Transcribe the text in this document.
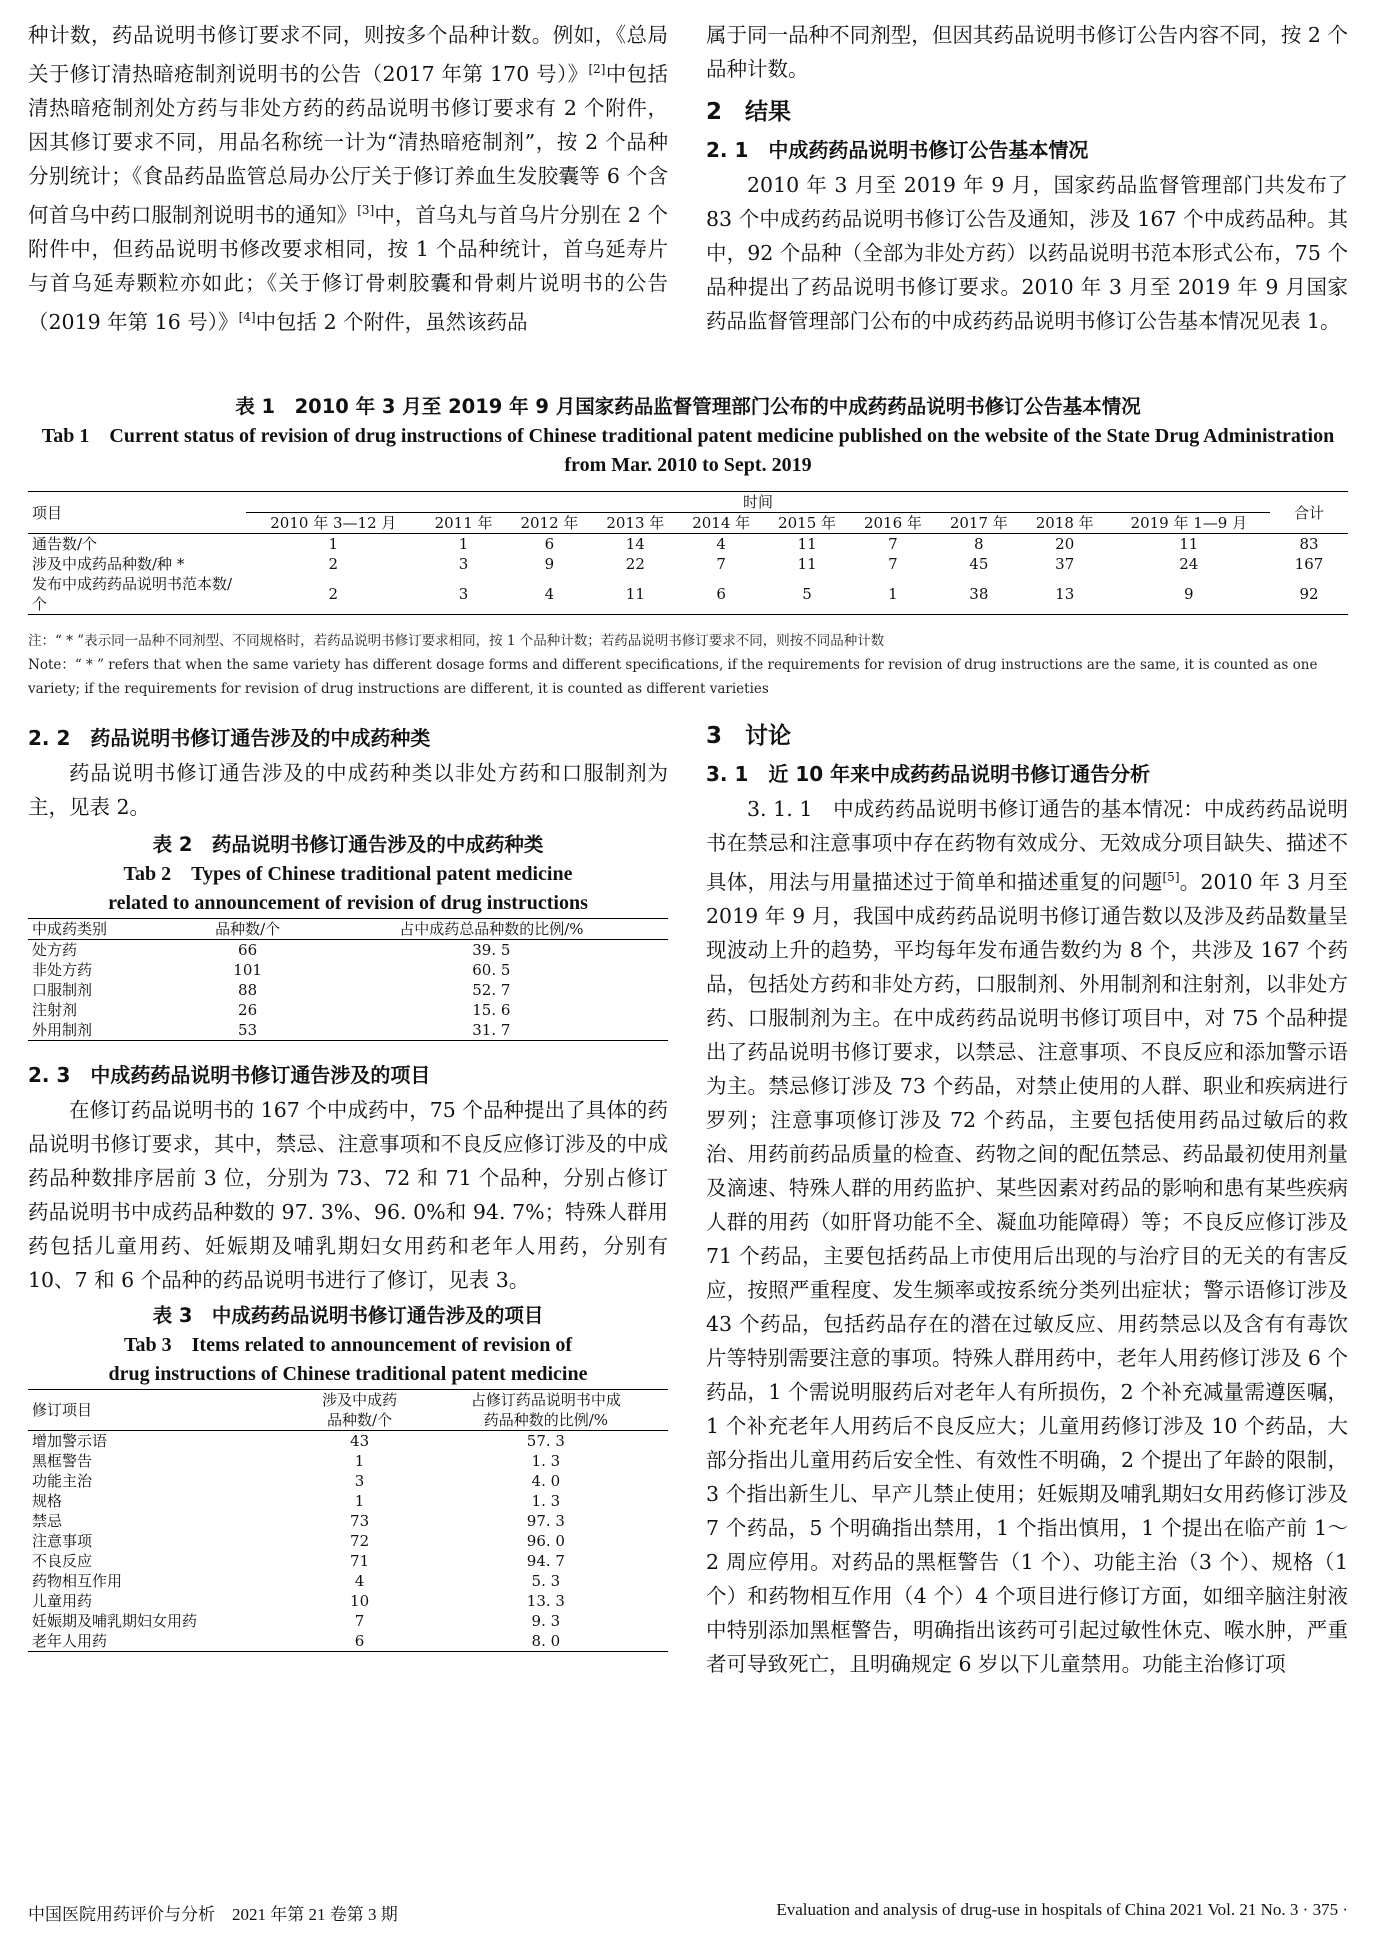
种计数，药品说明书修订要求不同，则按多个品种计数。例如，《总局关于修订清热暗疮制剂说明书的公告（2017 年第 170 号）》[2]中包括清热暗疮制剂处方药与非处方药的药品说明书修订要求有 2 个附件，因其修订要求不同，用品名称统一计为“清热暗疮制剂”，按 2 个品种分别统计；《食品药品监管总局办公厅关于修订养血生发胶囊等 6 个含何首乌中药口服制剂说明书的通知》[3]中，首乌丸与首乌片分别在 2 个附件中，但药品说明书修改要求相同，按 1 个品种统计，首乌延寿片与首乌延寿颗粒亦如此；《关于修订骨刺胶囊和骨刺片说明书的公告（2019 年第 16 号）》[4]中包括 2 个附件，虽然该药品

属于同一品种不同剂型，但因其药品说明书修订公告内容不同，按 2 个品种计数。

2　结果
2. 1　中成药药品说明书修订公告基本情况

2010 年 3 月至 2019 年 9 月，国家药品监督管理部门共发布了 83 个中成药药品说明书修订公告及通知，涉及 167 个中成药品种。其中，92 个品种（全部为非处方药）以药品说明书范本形式公布，75 个品种提出了药品说明书修订要求。2010 年 3 月至 2019 年 9 月国家药品监督管理部门公布的中成药药品说明书修订公告基本情况见表 1。

表 1　2010 年 3 月至 2019 年 9 月国家药品监督管理部门公布的中成药药品说明书修订公告基本情况

Tab 1　Current status of revision of drug instructions of Chinese traditional patent medicine published on the website of the State Drug Administration from Mar. 2010 to Sept. 2019

项目	时间										合计
	2010 年 3—12 月	2011 年	2012 年	2013 年	2014 年	2015 年	2016 年	2017 年	2018 年	2019 年 1—9 月	
通告数/个	1	1	6	14	4	11	7	8	20	11	83
涉及中成药品种数/种 *	2	3	9	22	7	11	7	45	37	24	167
发布中成药药品说明书范本数/个	2	3	4	11	6	5	1	38	13	9	92
注：“ * ”表示同一品种不同剂型、不同规格时，若药品说明书修订要求相同，按 1 个品种计数；若药品说明书修订要求不同，则按不同品种计数
Note：“ * ” refers that when the same variety has different dosage forms and different specifications, if the requirements for revision of drug instructions are the same, it is counted as one variety; if the requirements for revision of drug instructions are different, it is counted as different varieties
2. 2　药品说明书修订通告涉及的中成药种类

药品说明书修订通告涉及的中成药种类以非处方药和口服制剂为主，见表 2。

表 2　药品说明书修订通告涉及的中成药种类

Tab 2　Types of Chinese traditional patent medicine

related to announcement of revision of drug instructions

中成药类别	品种数/个	占中成药总品种数的比例/%
处方药	66	39. 5
非处方药	101	60. 5
口服制剂	88	52. 7
注射剂	26	15. 6
外用制剂	53	31. 7
2. 3　中成药药品说明书修订通告涉及的项目

在修订药品说明书的 167 个中成药中，75 个品种提出了具体的药品说明书修订要求，其中，禁忌、注意事项和不良反应修订涉及的中成药品种数排序居前 3 位，分别为 73、72 和 71 个品种，分别占修订药品说明书中成药品种数的 97. 3%、96. 0%和 94. 7%；特殊人群用药包括儿童用药、妊娠期及哺乳期妇女用药和老年人用药，分别有 10、7 和 6 个品种的药品说明书进行了修订，见表 3。

表 3　中成药药品说明书修订通告涉及的项目

Tab 3　Items related to announcement of revision of

drug instructions of Chinese traditional patent medicine

修订项目	涉及中成药
品种数/个	占修订药品说明书中成
药品种数的比例/%
增加警示语	43	57. 3
黑框警告	1	1. 3
功能主治	3	4. 0
规格	1	1. 3
禁忌	73	97. 3
注意事项	72	96. 0
不良反应	71	94. 7
药物相互作用	4	5. 3
儿童用药	10	13. 3
妊娠期及哺乳期妇女用药	7	9. 3
老年人用药	6	8. 0
3　讨论
3. 1　近 10 年来中成药药品说明书修订通告分析

3. 1. 1　中成药药品说明书修订通告的基本情况：中成药药品说明书在禁忌和注意事项中存在药物有效成分、无效成分项目缺失、描述不具体，用法与用量描述过于简单和描述重复的问题[5]。2010 年 3 月至 2019 年 9 月，我国中成药药品说明书修订通告数以及涉及药品数量呈现波动上升的趋势，平均每年发布通告数约为 8 个，共涉及 167 个药品，包括处方药和非处方药，口服制剂、外用制剂和注射剂，以非处方药、口服制剂为主。在中成药药品说明书修订项目中，对 75 个品种提出了药品说明书修订要求，以禁忌、注意事项、不良反应和添加警示语为主。禁忌修订涉及 73 个药品，对禁止使用的人群、职业和疾病进行罗列；注意事项修订涉及 72 个药品，主要包括使用药品过敏后的救治、用药前药品质量的检查、药物之间的配伍禁忌、药品最初使用剂量及滴速、特殊人群的用药监护、某些因素对药品的影响和患有某些疾病人群的用药（如肝肾功能不全、凝血功能障碍）等；不良反应修订涉及 71 个药品，主要包括药品上市使用后出现的与治疗目的无关的有害反应，按照严重程度、发生频率或按系统分类列出症状；警示语修订涉及 43 个药品，包括药品存在的潜在过敏反应、用药禁忌以及含有有毒饮片等特别需要注意的事项。特殊人群用药中，老年人用药修订涉及 6 个药品，1 个需说明服药后对老年人有所损伤，2 个补充减量需遵医嘱，1 个补充老年人用药后不良反应大；儿童用药修订涉及 10 个药品，大部分指出儿童用药后安全性、有效性不明确，2 个提出了年龄的限制，3 个指出新生儿、早产儿禁止使用；妊娠期及哺乳期妇女用药修订涉及 7 个药品，5 个明确指出禁用，1 个指出慎用，1 个提出在临产前 1～2 周应停用。对药品的黑框警告（1 个）、功能主治（3 个）、规格（1 个）和药物相互作用（4 个）4 个项目进行修订方面，如细辛脑注射液中特别添加黑框警告，明确指出该药可引起过敏性休克、喉水肿，严重者可导致死亡，且明确规定 6 岁以下儿童禁用。功能主治修订项

中国医院用药评价与分析　2021 年第 21 卷第 3 期	Evaluation and analysis of drug-use in hospitals of China 2021 Vol. 21 No. 3 · 375 ·
